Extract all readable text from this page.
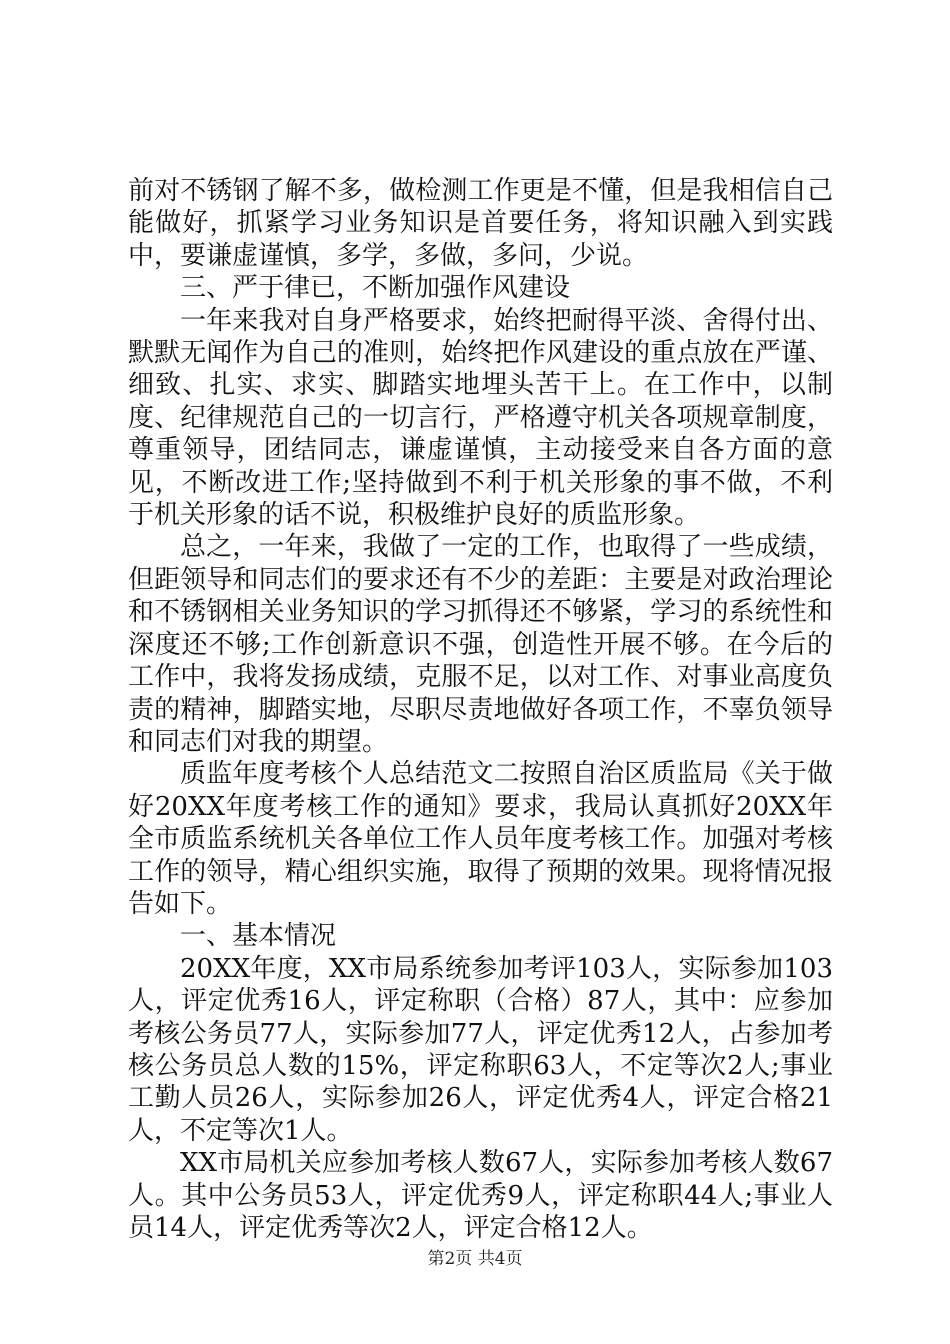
前对不锈钢了解不多，做检测工作更是不懂，但是我相信自己能做好，抓紧学习业务知识是首要任务，将知识融入到实践中，要谦虚谨慎，多学，多做，多问，少说。

三、严于律已，不断加强作风建设

一年来我对自身严格要求，始终把耐得平淡、舍得付出、默默无闻作为自己的准则，始终把作风建设的重点放在严谨、细致、扎实、求实、脚踏实地埋头苦干上。在工作中，以制度、纪律规范自己的一切言行，严格遵守机关各项规章制度，尊重领导，团结同志，谦虚谨慎，主动接受来自各方面的意见，不断改进工作;坚持做到不利于机关形象的事不做，不利于机关形象的话不说，积极维护良好的质监形象。

总之，一年来，我做了一定的工作，也取得了一些成绩，但距领导和同志们的要求还有不少的差距：主要是对政治理论和不锈钢相关业务知识的学习抓得还不够紧，学习的系统性和深度还不够;工作创新意识不强，创造性开展不够。在今后的工作中，我将发扬成绩，克服不足，以对工作、对事业高度负责的精神，脚踏实地，尽职尽责地做好各项工作，不辜负领导和同志们对我的期望。

质监年度考核个人总结范文二按照自治区质监局《关于做好20XX年度考核工作的通知》要求，我局认真抓好20XX年全市质监系统机关各单位工作人员年度考核工作。加强对考核工作的领导，精心组织实施，取得了预期的效果。现将情况报告如下。

一、基本情况

20XX年度，XX市局系统参加考评103人，实际参加103人，评定优秀16人，评定称职（合格）87人，其中：应参加考核公务员77人，实际参加77人，评定优秀12人，占参加考核公务员总人数的15%，评定称职63人，不定等次2人;事业工勤人员26人，实际参加26人，评定优秀4人，评定合格21人，不定等次1人。

XX市局机关应参加考核人数67人，实际参加考核人数67人。其中公务员53人，评定优秀9人，评定称职44人;事业人员14人，评定优秀等次2人，评定合格12人。

第2页 共4页
